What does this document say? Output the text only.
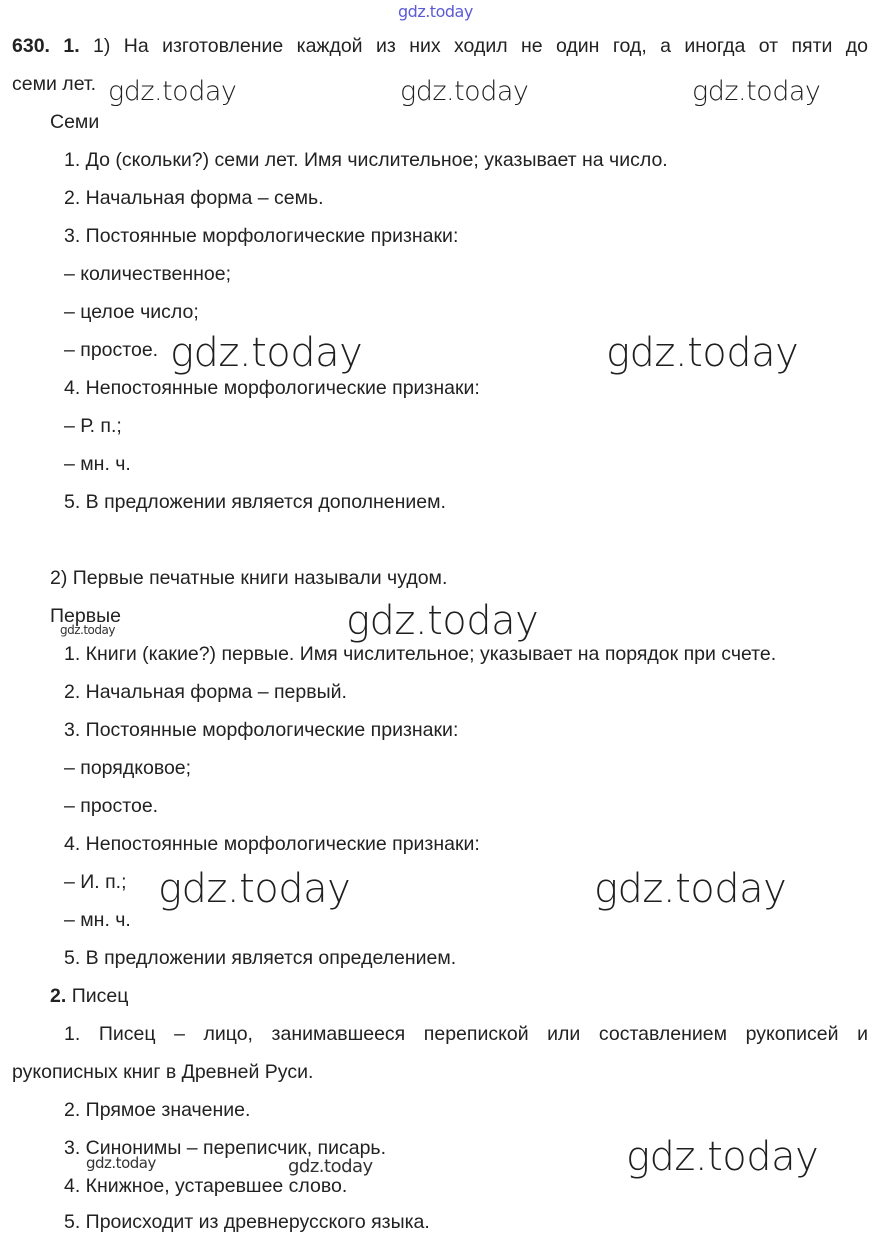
gdz.today
630. 1. 1) На изготовление каждой из них ходил не один год, а иногда от пяти до
семи лет. gdz.today	gdz.today	gdz.today
Семи
1. До (скольки?) семи лет. Имя числительное; указывает на число.
2. Начальная форма – семь.
3. Постоянные морфологические признаки:
– количественное;
– целое число;
– простое. gdz.today	gdz.today
4. Непостоянные морфологические признаки:
– Р. п.;
– мн. ч.
5. В предложении является дополнением.
2) Первые печатные книги называли чудом.
Первые
gdz.today	gdz.today
1. Книги (какие?) первые. Имя числительное; указывает на порядок при счете.
2. Начальная форма – первый.
3. Постоянные морфологические признаки:
– порядковое;
– простое.
4. Непостоянные морфологические признаки:
– И. п.; gdz.today	gdz.today
– мн. ч.
5. В предложении является определением.
2. Писец
1. Писец – лицо, занимавшееся перепиской или составлением рукописей и
рукописных книг в Древней Руси.
2. Прямое значение.
3. Синонимы – переписчик, писарь.
gdz.today	gdz.today	gdz.today
4. Книжное, устаревшее слово.
5. Происходит из древнерусского языка.
